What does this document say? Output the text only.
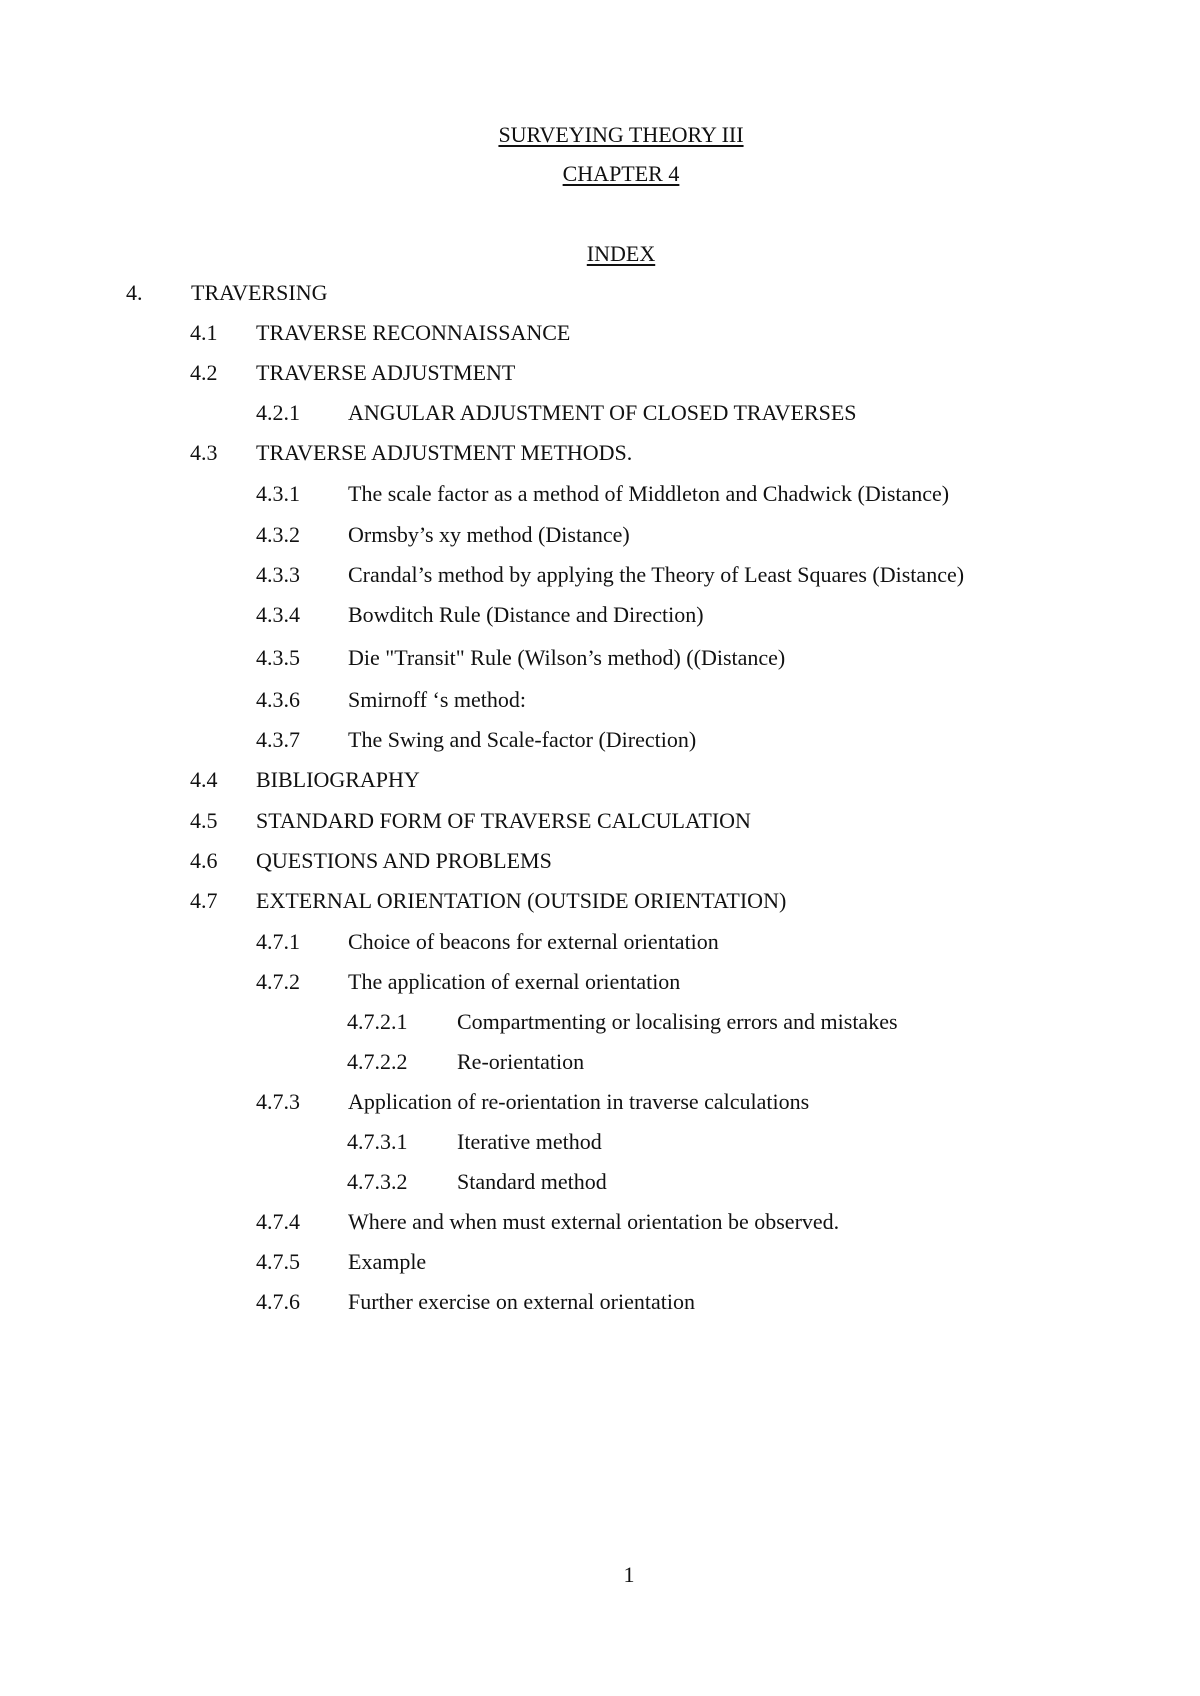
SURVEYING THEORY III
CHAPTER 4
INDEX
4. TRAVERSING
4.1 TRAVERSE RECONNAISSANCE
4.2 TRAVERSE ADJUSTMENT
4.2.1 ANGULAR ADJUSTMENT OF CLOSED TRAVERSES
4.3 TRAVERSE ADJUSTMENT METHODS.
4.3.1 The scale factor as a method of Middleton and Chadwick (Distance)
4.3.2 Ormsby’s xy method (Distance)
4.3.3 Crandal’s method by applying the Theory of Least Squares (Distance)
4.3.4 Bowditch Rule (Distance and Direction)
4.3.5 Die "Transit" Rule (Wilson’s method) ((Distance)
4.3.6 Smirnoff ‘s method:
4.3.7 The Swing and Scale-factor (Direction)
4.4 BIBLIOGRAPHY
4.5 STANDARD FORM OF TRAVERSE CALCULATION
4.6 QUESTIONS AND PROBLEMS
4.7 EXTERNAL ORIENTATION (OUTSIDE ORIENTATION)
4.7.1 Choice of beacons for external orientation
4.7.2 The application of exernal orientation
4.7.2.1 Compartmenting or localising errors and mistakes
4.7.2.2 Re-orientation
4.7.3 Application of re-orientation in traverse calculations
4.7.3.1 Iterative method
4.7.3.2 Standard method
4.7.4 Where and when must external orientation be observed.
4.7.5 Example
4.7.6 Further exercise on external orientation
1
